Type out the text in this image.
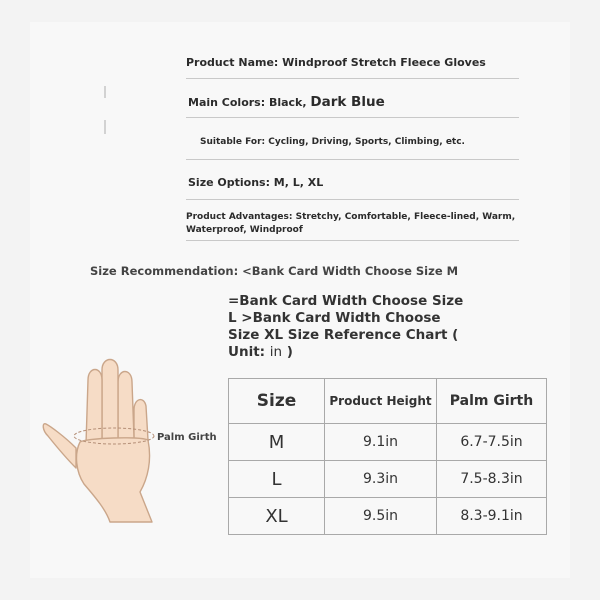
Product Name: Windproof Stretch Fleece Gloves
Main Colors: Black, Dark Blue
Suitable For: Cycling, Driving, Sports, Climbing, etc.
Size Options: M, L, XL
Product Advantages: Stretchy, Comfortable, Fleece-lined, Warm, Waterproof, Windproof
Size Recommendation: <Bank Card Width Choose Size M
=Bank Card Width Choose Size
L >Bank Card Width Choose
Size XL Size Reference Chart (
Unit: in )
Palm Girth
Size	Product Height	Palm Girth
M	9.1in	6.7-7.5in
L	9.3in	7.5-8.3in
XL	9.5in	8.3-9.1in
